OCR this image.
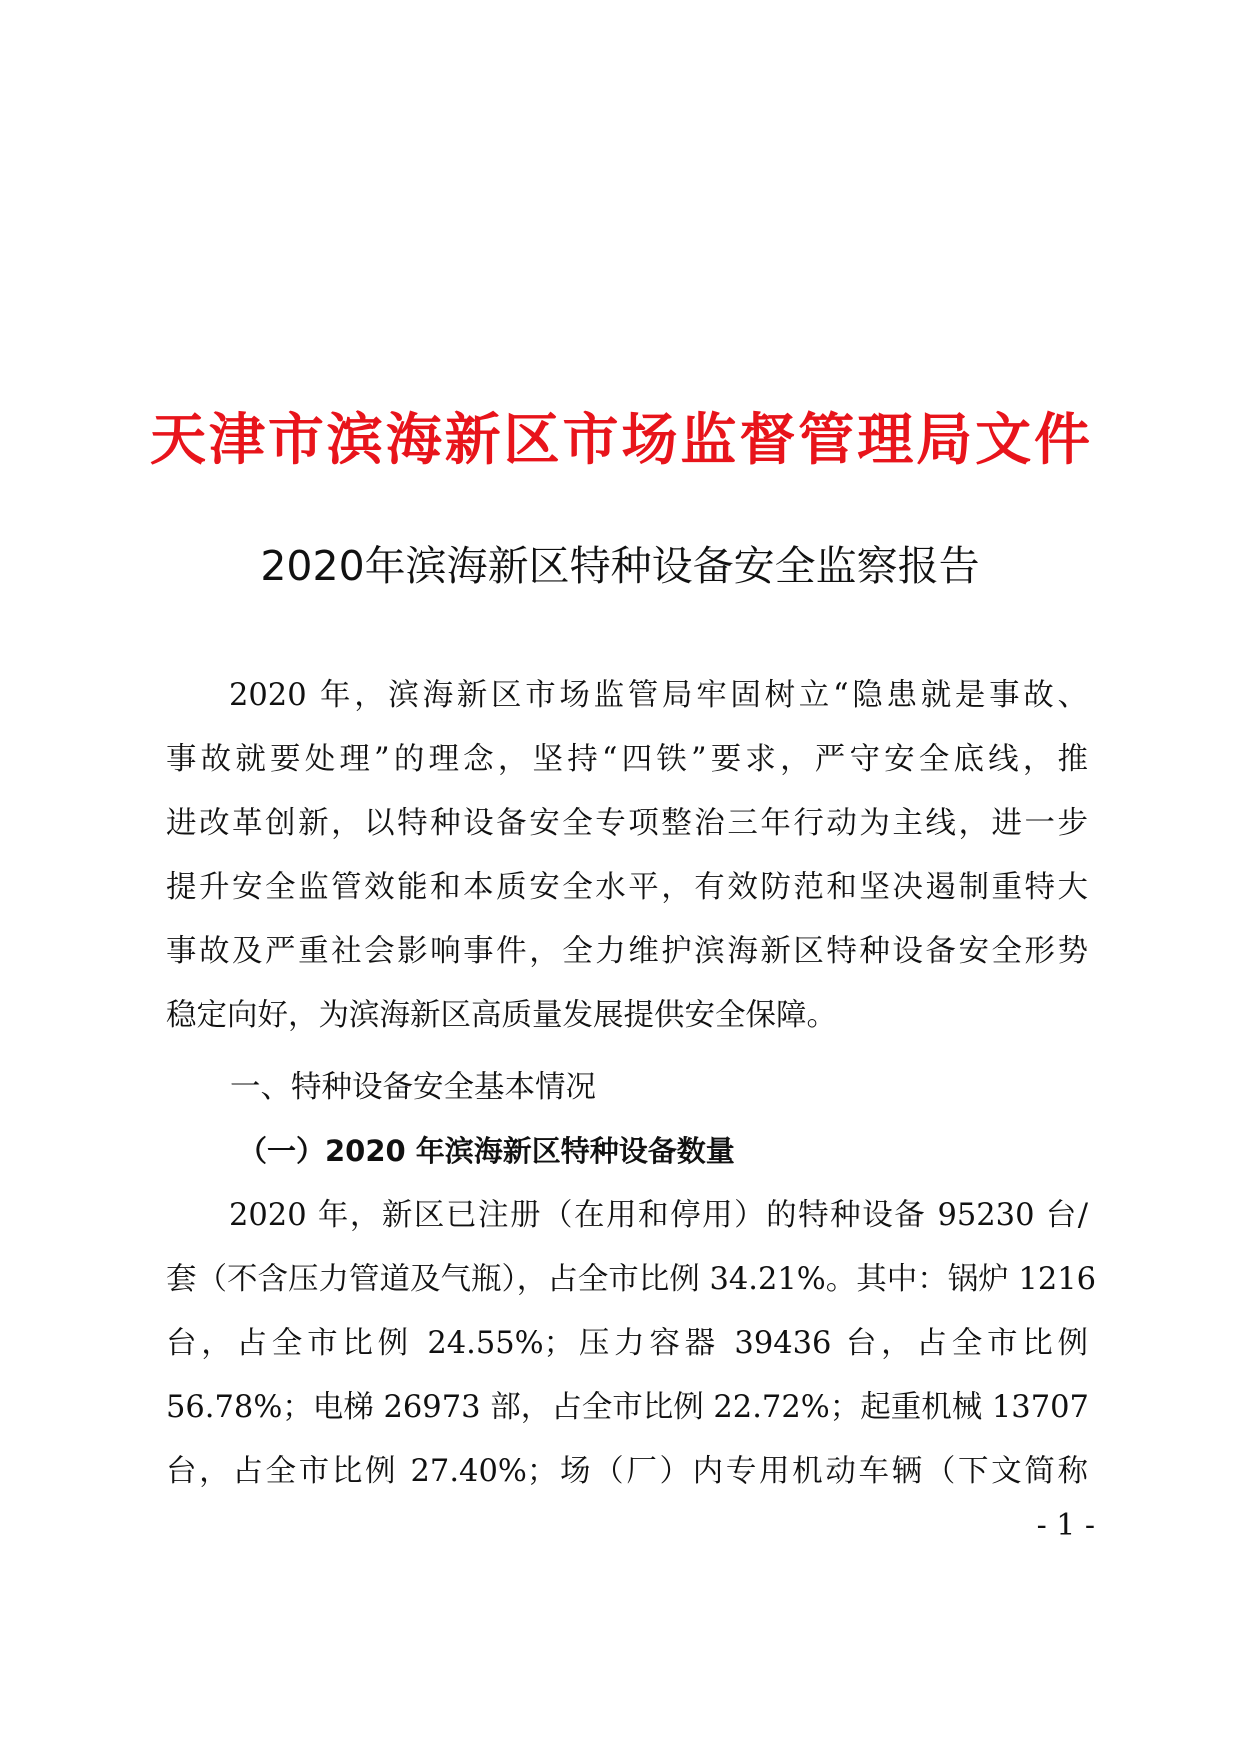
天津市滨海新区市场监督管理局文件
2020年滨海新区特种设备安全监察报告
2020 年，滨海新区市场监管局牢固树立“隐患就是事故、
事故就要处理”的理念，坚持“四铁”要求，严守安全底线，推
进改革创新，以特种设备安全专项整治三年行动为主线，进一步
提升安全监管效能和本质安全水平，有效防范和坚决遏制重特大
事故及严重社会影响事件，全力维护滨海新区特种设备安全形势
稳定向好，为滨海新区高质量发展提供安全保障。
一、特种设备安全基本情况
（一）2020 年滨海新区特种设备数量
2020 年，新区已注册（在用和停用）的特种设备 95230 台/
套（不含压力管道及气瓶），占全市比例 34.21%。其中：锅炉 1216
台，占全市比例 24.55%；压力容器 39436 台，占全市比例
56.78%；电梯 26973 部，占全市比例 22.72%；起重机械 13707
台，占全市比例 27.40%；场（厂）内专用机动车辆（下文简称
- 1 -
